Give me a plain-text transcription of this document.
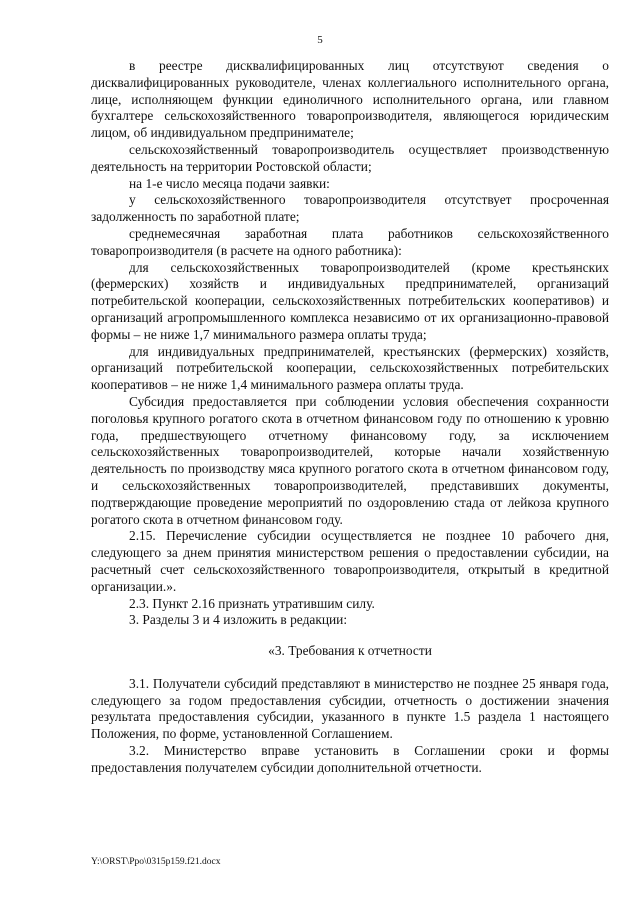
5

в реестре дисквалифицированных лиц отсутствуют сведения о дисквалифицированных руководителе, членах коллегиального исполнительного органа, лице, исполняющем функции единоличного исполнительного органа, или главном бухгалтере сельскохозяйственного товаропроизводителя, являющегося юридическим лицом, об индивидуальном предпринимателе;

сельскохозяйственный товаропроизводитель осуществляет производственную деятельность на территории Ростовской области;

на 1-е число месяца подачи заявки:

у сельскохозяйственного товаропроизводителя отсутствует просроченная задолженность по заработной плате;

среднемесячная заработная плата работников сельскохозяйственного товаропроизводителя (в расчете на одного работника):

для сельскохозяйственных товаропроизводителей (кроме крестьянских (фермерских) хозяйств и индивидуальных предпринимателей, организаций потребительской кооперации, сельскохозяйственных потребительских кооперативов) и организаций агропромышленного комплекса независимо от их организационно-правовой формы – не ниже 1,7 минимального размера оплаты труда;

для индивидуальных предпринимателей, крестьянских (фермерских) хозяйств, организаций потребительской кооперации, сельскохозяйственных потребительских кооперативов – не ниже 1,4 минимального размера оплаты труда.

Субсидия предоставляется при соблюдении условия обеспечения сохранности поголовья крупного рогатого скота в отчетном финансовом году по отношению к уровню года, предшествующего отчетному финансовому году, за исключением сельскохозяйственных товаропроизводителей, которые начали хозяйственную деятельность по производству мяса крупного рогатого скота в отчетном финансовом году, и сельскохозяйственных товаропроизводителей, представивших документы, подтверждающие проведение мероприятий по оздоровлению стада от лейкоза крупного рогатого скота в отчетном финансовом году.

2.15. Перечисление субсидии осуществляется не позднее 10 рабочего дня, следующего за днем принятия министерством решения о предоставлении субсидии, на расчетный счет сельскохозяйственного товаропроизводителя, открытый в кредитной организации.».

2.3. Пункт 2.16 признать утратившим силу.

3. Разделы 3 и 4 изложить в редакции:

«3. Требования к отчетности

3.1. Получатели субсидий представляют в министерство не позднее 25 января года, следующего за годом предоставления субсидии, отчетность о достижении значения результата предоставления субсидии, указанного в пункте 1.5 раздела 1 настоящего Положения, по форме, установленной Соглашением.

3.2. Министерство вправе установить в Соглашении сроки и формы предоставления получателем субсидии дополнительной отчетности.

Y:\ORST\Ppo\0315p159.f21.docx
